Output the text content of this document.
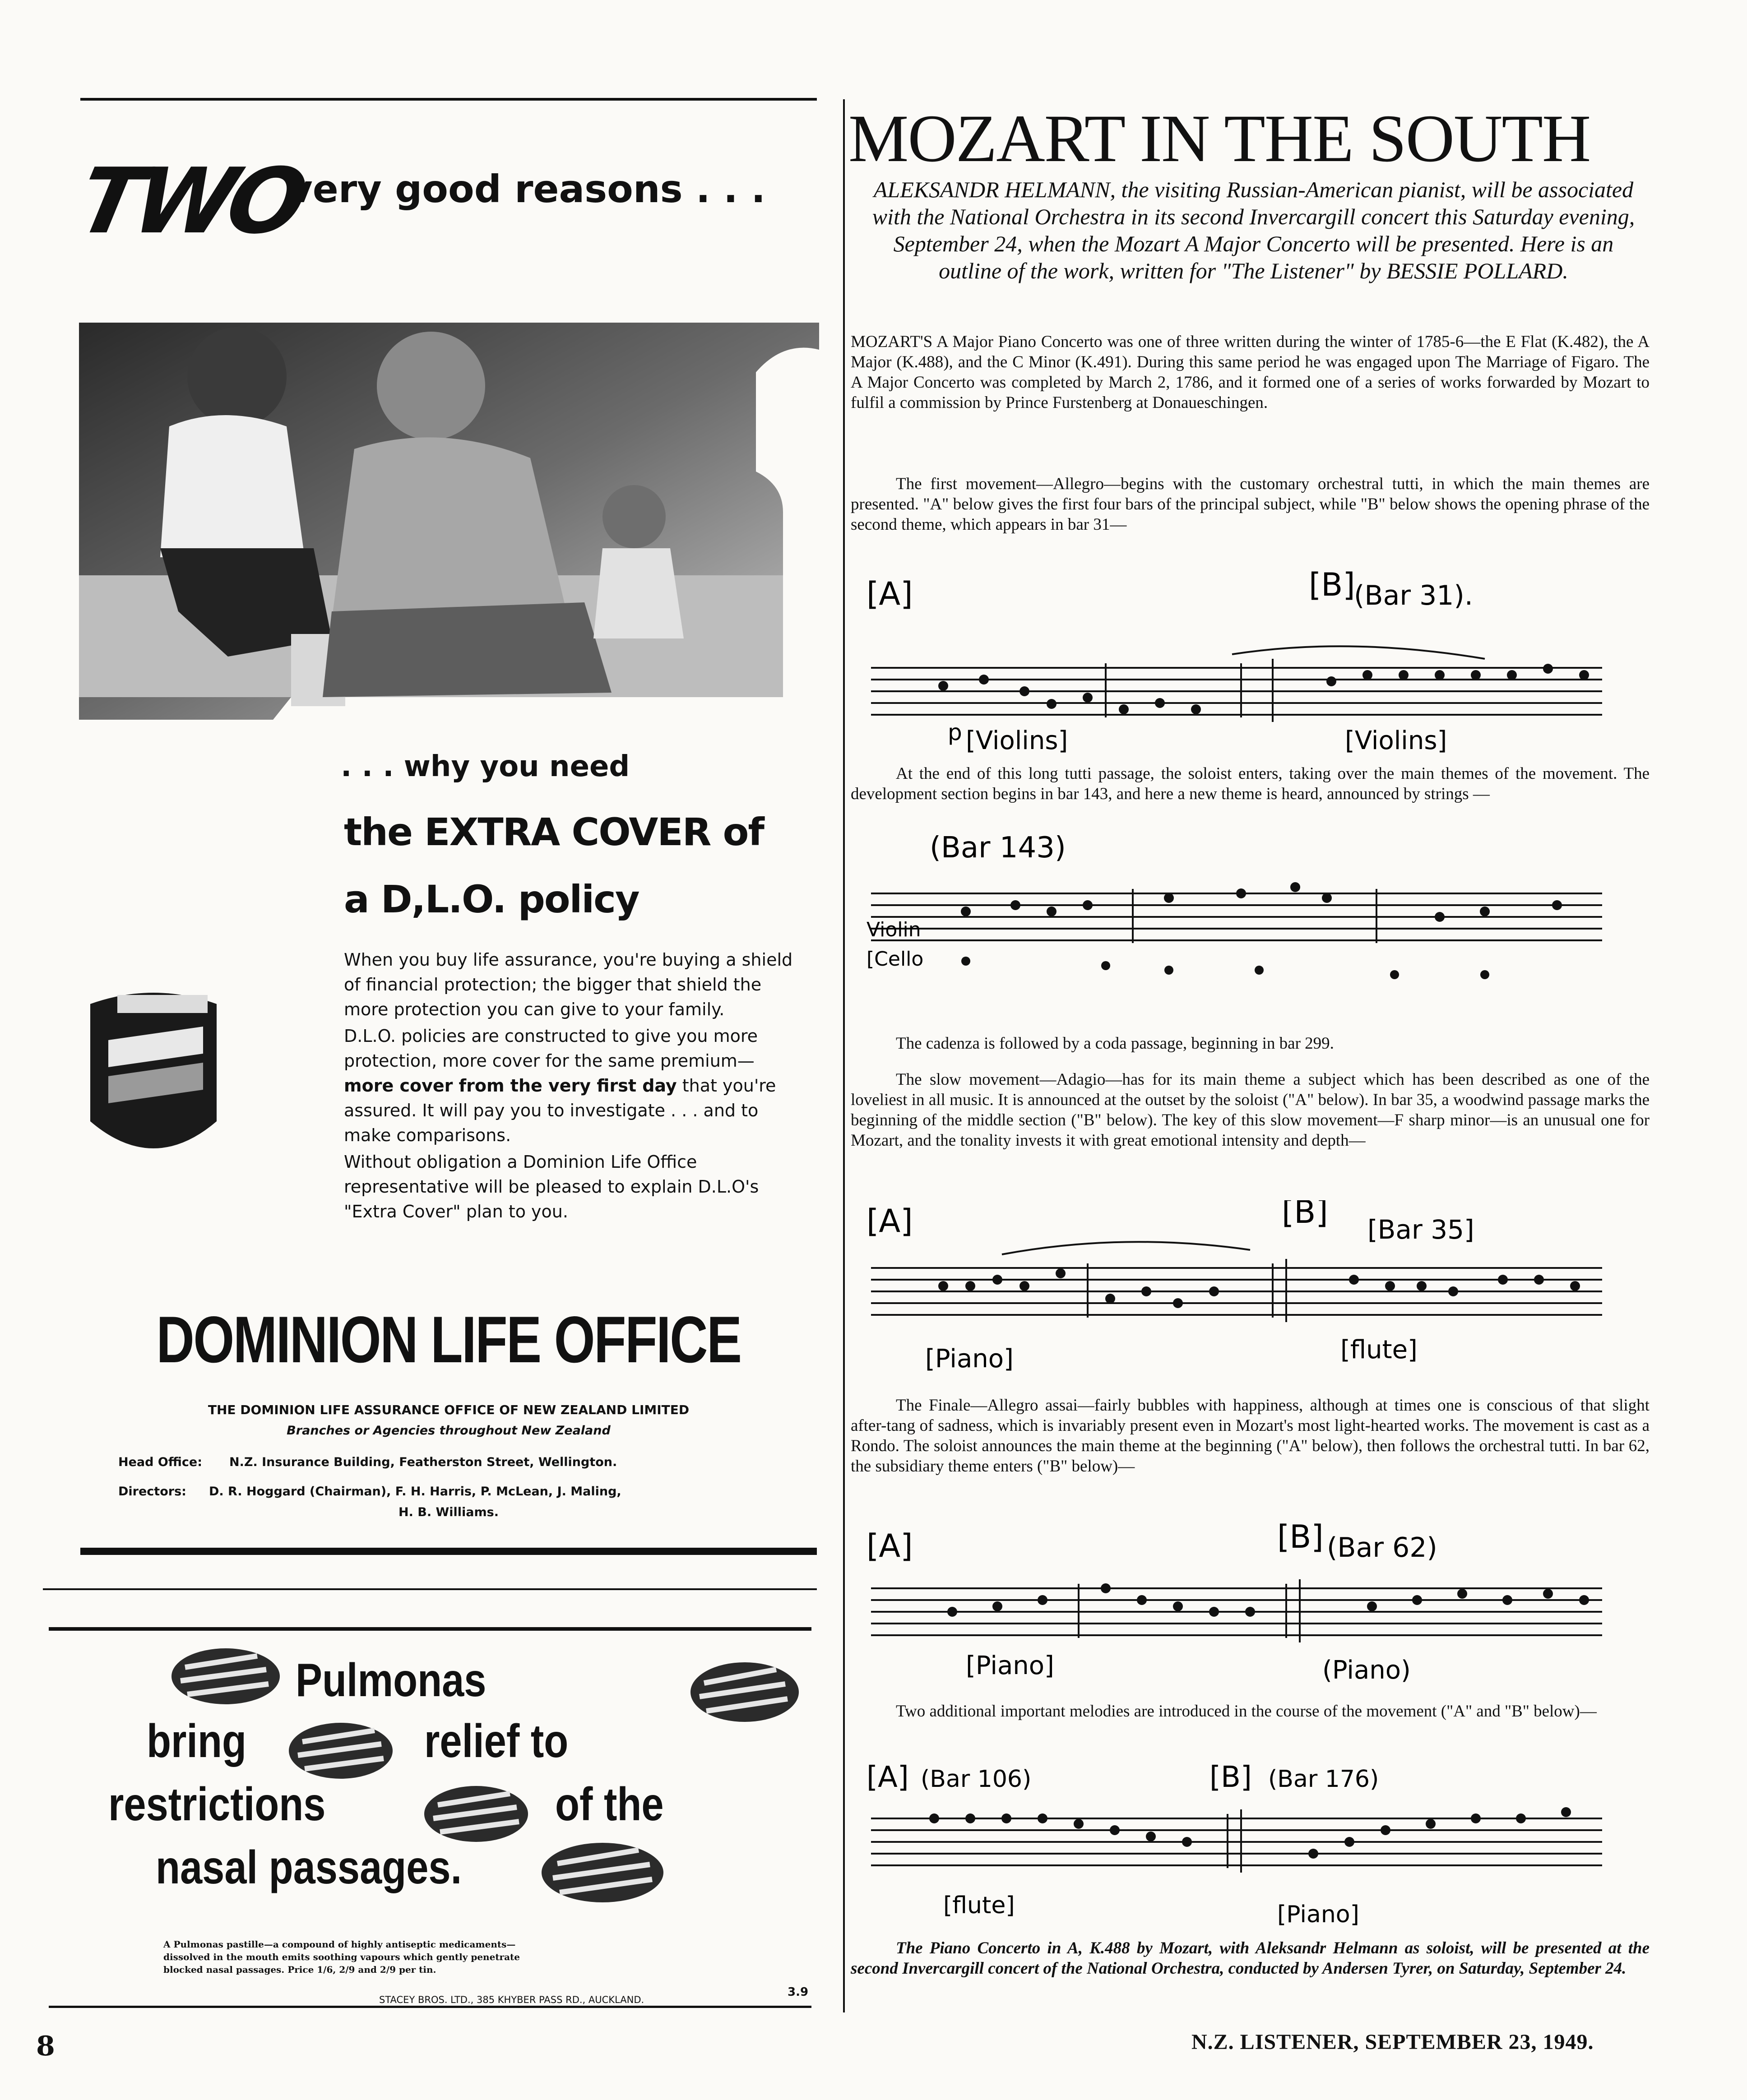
TWO
very good reasons . . .
. . . why you need
the EXTRA COVER of
a D,L.O. policy

When you buy life assurance, you're buying a shield of financial protection; the bigger that shield the more protection you can give to your family.

D.L.O. policies are constructed to give you more protection, more cover for the same premium—more cover from the very first day that you're assured. It will pay you to investigate . . . and to make comparisons.

Without obligation a Dominion Life Office representative will be pleased to explain D.L.O's "Extra Cover" plan to you.

DOMINION LIFE OFFICE
THE DOMINION LIFE ASSURANCE OFFICE OF NEW ZEALAND LIMITED
Branches or Agencies throughout New Zealand
Head Office: N.Z. Insurance Building, Featherston Street, Wellington.
Directors: D. R. Hoggard (Chairman), F. H. Harris, P. McLean, J. Maling,
H. B. Williams.
Pulmonas
bring	relief to
restrictions	of the
nasal passages.
A Pulmonas pastille—a compound of highly antiseptic medicaments—
dissolved in the mouth emits soothing vapours which gently penetrate
blocked nasal passages. Price 1/6, 2/9 and 2/9 per tin.
STACEY BROS. LTD., 385 KHYBER PASS RD., AUCKLAND.
3.9
MOZART IN THE SOUTH
ALEKSANDR HELMANN, the visiting Russian-American pianist, will be associated with the National Orchestra in its second Invercargill concert this Saturday evening, September 24, when the Mozart A Major Concerto will be presented. Here is an outline of the work, written for "The Listener" by BESSIE POLLARD.
MOZART'S A Major Piano Concerto was one of three written during the winter of 1785-6—the E Flat (K.482), the A Major (K.488), and the C Minor (K.491). During this same period he was engaged upon The Marriage of Figaro. The A Major Concerto was completed by March 2, 1786, and it formed one of a series of works forwarded by Mozart to fulfil a commission by Prince Furstenberg at Donaueschingen.
The first movement—Allegro—begins with the customary orchestral tutti, in which the main themes are presented. "A" below gives the first four bars of the principal subject, while "B" below shows the opening phrase of the second theme, which appears in bar 31—
[A]	[B]
(Bar 31).
p [Violins]	[Violins]
At the end of this long tutti passage, the soloist enters, taking over the main themes of the movement. The development section begins in bar 143, and here a new theme is heard, announced by strings —
(Bar 143)
Violin
[Cello
The cadenza is followed by a coda passage, beginning in bar 299.
The slow movement—Adagio—has for its main theme a subject which has been described as one of the loveliest in all music. It is announced at the outset by the soloist ("A" below). In bar 35, a woodwind passage marks the beginning of the middle section ("B" below). The key of this slow movement—F sharp minor—is an unusual one for Mozart, and the tonality invests it with great emotional intensity and depth—
[A]	[B] [Bar 35]
[Piano]	[flute]
The Finale—Allegro assai—fairly bubbles with happiness, although at times one is conscious of that slight after-tang of sadness, which is invariably present even in Mozart's most light-hearted works. The movement is cast as a Rondo. The soloist announces the main theme at the beginning ("A" below), then follows the orchestral tutti. In bar 62, the subsidiary theme enters ("B" below)—
[A]	[B] (Bar 62)
[Piano]	(Piano)
Two additional important melodies are introduced in the course of the movement ("A" and "B" below)—
[A] (Bar 106)	[B] (Bar 176)
[flute]	[Piano]
The Piano Concerto in A, K.488 by Mozart, with Aleksandr Helmann as soloist, will be presented at the second Invercargill concert of the National Orchestra, conducted by Andersen Tyrer, on Saturday, September 24.
8	N.Z. LISTENER, SEPTEMBER 23, 1949.
